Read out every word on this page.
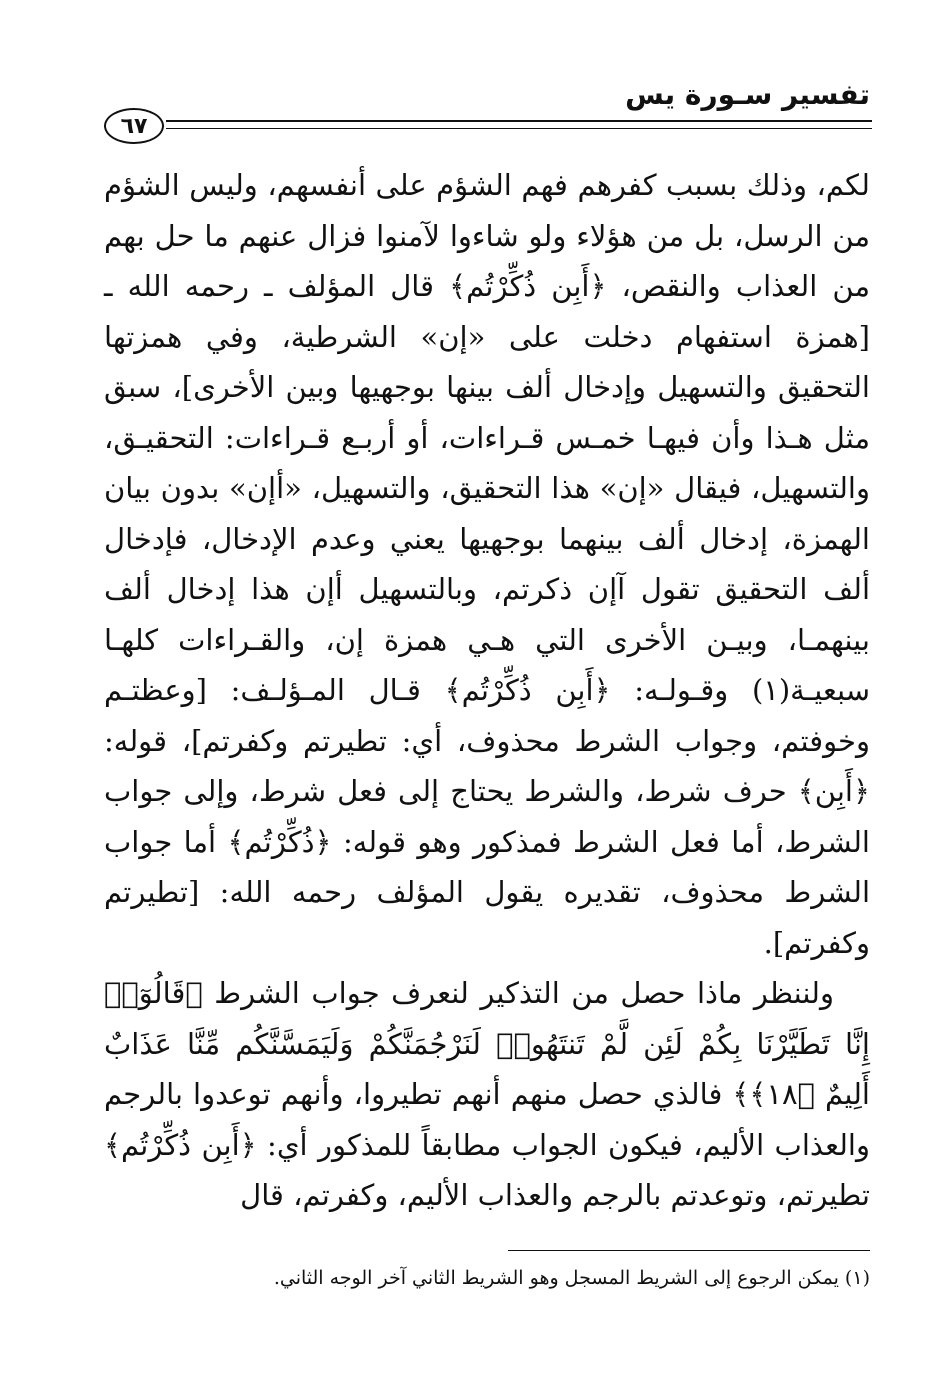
تفسير سـورة يس
٦٧

لكم، وذلك بسبب كفرهم فهم الشؤم على أنفسهم، وليس الشؤم من الرسل، بل من هؤلاء ولو شاءوا لآمنوا فزال عنهم ما حل بهم من العذاب والنقص، ﴿أَبِن ذُكِّرْتُم﴾ قال المؤلف ـ رحمه الله ـ [همزة استفهام دخلت على «إن» الشرطية، وفي همزتها التحقيق والتسهيل وإدخال ألف بينها بوجهيها وبين الأخرى]، سبق مثل هـذا وأن فيهـا خمـس قـراءات، أو أربـع قـراءات: التحقيـق، والتسهيل، فيقال «إن» هذا التحقيق، والتسهيل، «أإن» بدون بيان الهمزة، إدخال ألف بينهما بوجهيها يعني وعدم الإدخال، فإدخال ألف التحقيق تقول آإن ذكرتم، وبالتسهيل أإن هذا إدخال ألف بينهمـا، وبيـن الأخرى التي هـي همزة إن، والقـراءات كلهـا سبعيـة(١) وقـولـه: ﴿أَبِن ذُكِّرْتُم﴾ قـال المـؤلـف: [وعظتـم وخوفتم، وجواب الشرط محذوف، أي: تطيرتم وكفرتم]، قوله: ﴿أَبِن﴾ حرف شرط، والشرط يحتاج إلى فعل شرط، وإلى جواب الشرط، أما فعل الشرط فمذكور وهو قوله: ﴿ذُكِّرْتُم﴾ أما جواب الشرط محذوف، تقديره يقول المؤلف رحمه الله: [تطيرتم وكفرتم].

ولننظر ماذا حصل من التذكير لنعرف جواب الشرط ﴿قَالُوٓا۟ إِنَّا تَطَيَّرْنَا بِكُمْ لَئِن لَّمْ تَنتَهُوا۟ لَنَرْجُمَنَّكُمْ وَلَيَمَسَّنَّكُم مِّنَّا عَذَابٌ أَلِيمٌ ﴿١٨﴾﴾ فالذي حصل منهم أنهم تطيروا، وأنهم توعدوا بالرجم والعذاب الأليم، فيكون الجواب مطابقاً للمذكور أي: ﴿أَبِن ذُكِّرْتُم﴾ تطيرتم، وتوعدتم بالرجم والعذاب الأليم، وكفرتم، قال

(١) يمكن الرجوع إلى الشريط المسجل وهو الشريط الثاني آخر الوجه الثاني.
